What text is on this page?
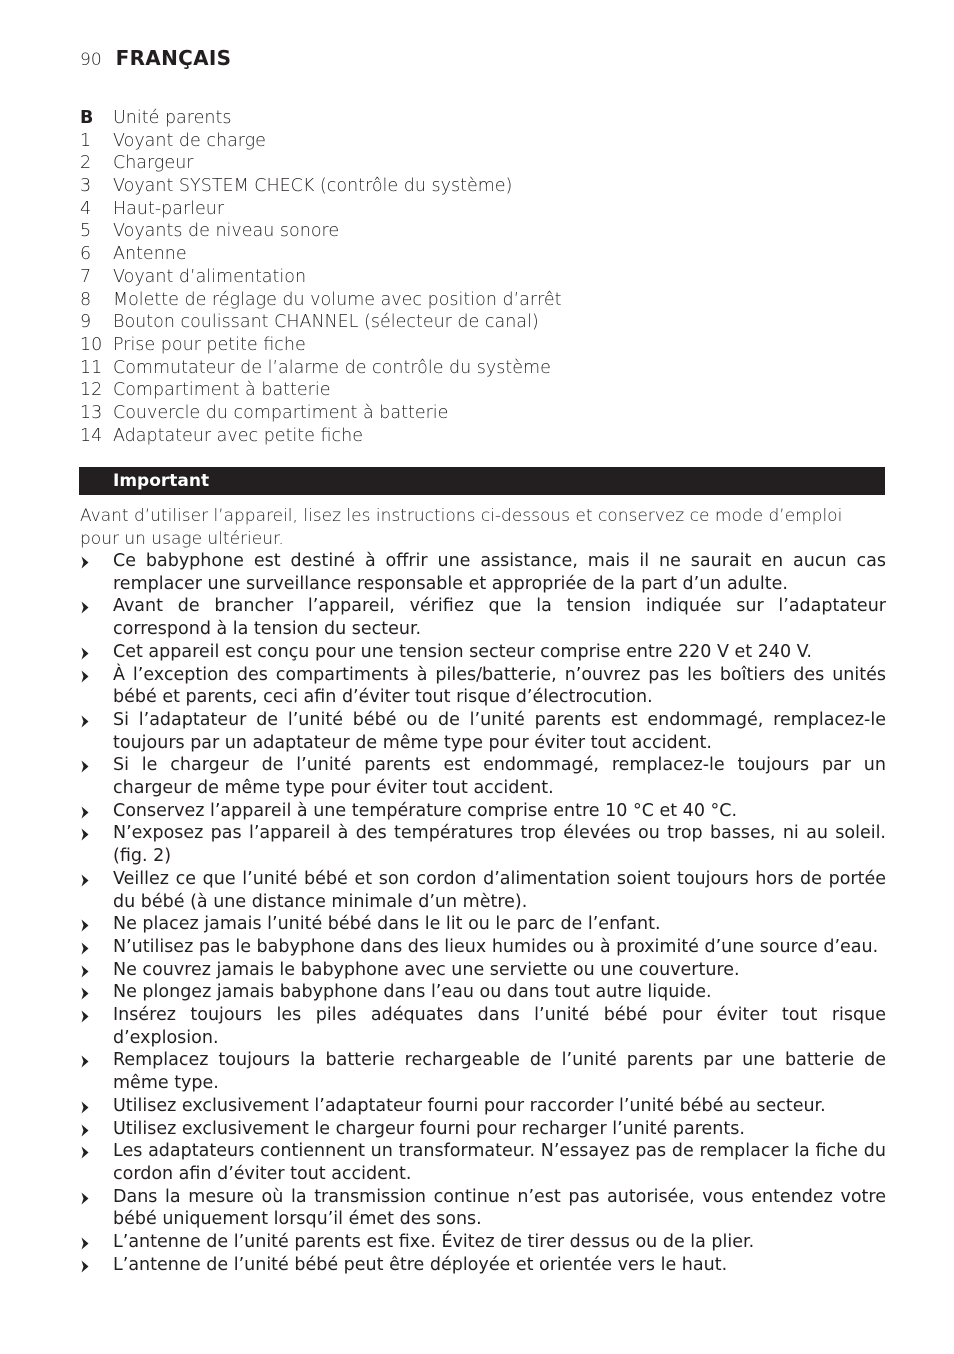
90 FRANÇAIS
B	Unité parents
1	Voyant de charge
2	Chargeur
3	Voyant SYSTEM CHECK (contrôle du système)
4	Haut-parleur
5	Voyants de niveau sonore
6	Antenne
7	Voyant d’alimentation
8	Molette de réglage du volume avec position d’arrêt
9	Bouton coulissant CHANNEL (sélecteur de canal)
10 Prise pour petite fiche
11 Commutateur de l’alarme de contrôle du système
12 Compartiment à batterie
13 Couvercle du compartiment à batterie
14 Adaptateur avec petite fiche
Important
Avant d’utiliser l’appareil, lisez les instructions ci-dessous et conservez ce mode d’emploi pour un usage ultérieur.
Ce babyphone est destiné à offrir une assistance, mais il ne saurait en aucun cas remplacer une surveillance responsable et appropriée de la part d’un adulte.
Avant de brancher l’appareil, vérifiez que la tension indiquée sur l’adaptateur correspond à la tension du secteur.
Cet appareil est conçu pour une tension secteur comprise entre 220 V et 240 V.
À l’exception des compartiments à piles/batterie, n’ouvrez pas les boîtiers des unités bébé et parents, ceci afin d’éviter tout risque d’électrocution.
Si l’adaptateur de l’unité bébé ou de l’unité parents est endommagé, remplacez-le toujours par un adaptateur de même type pour éviter tout accident.
Si le chargeur de l’unité parents est endommagé, remplacez-le toujours par un chargeur de même type pour éviter tout accident.
Conservez l’appareil à une température comprise entre 10 °C et 40 °C.
N’exposez pas l’appareil à des températures trop élevées ou trop basses, ni au soleil. (fig. 2)
Veillez ce que l’unité bébé et son cordon d’alimentation soient toujours hors de portée du bébé (à une distance minimale d’un mètre).
Ne placez jamais l’unité bébé dans le lit ou le parc de l’enfant.
N’utilisez pas le babyphone dans des lieux humides ou à proximité d’une source d’eau.
Ne couvrez jamais le babyphone avec une serviette ou une couverture.
Ne plongez jamais babyphone dans l’eau ou dans tout autre liquide.
Insérez toujours les piles adéquates dans l’unité bébé pour éviter tout risque d’explosion.
Remplacez toujours la batterie rechargeable de l’unité parents par une batterie de même type.
Utilisez exclusivement l’adaptateur fourni pour raccorder l’unité bébé au secteur.
Utilisez exclusivement le chargeur fourni pour recharger l’unité parents.
Les adaptateurs contiennent un transformateur. N’essayez pas de remplacer la fiche du cordon afin d’éviter tout accident.
Dans la mesure où la transmission continue n’est pas autorisée, vous entendez votre bébé uniquement lorsqu’il émet des sons.
L’antenne de l’unité parents est fixe. Évitez de tirer dessus ou de la plier.
L’antenne de l’unité bébé peut être déployée et orientée vers le haut.
